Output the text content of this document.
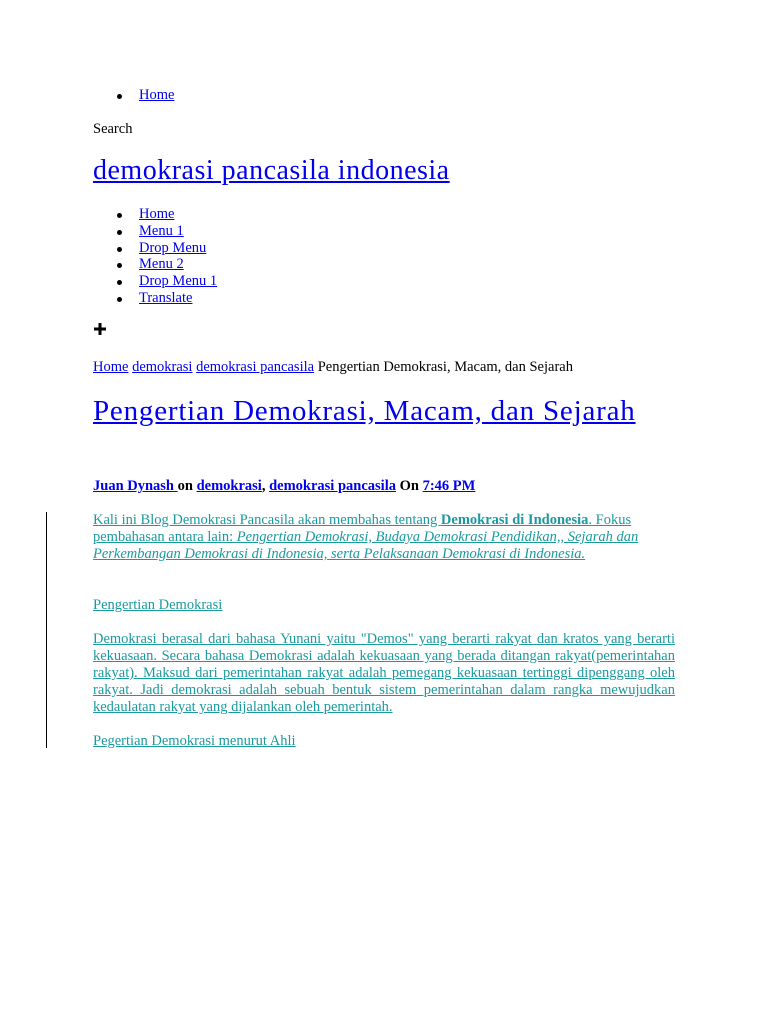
Home
Search
demokrasi pancasila indonesia
Home
Menu 1
Drop Menu
Menu 2
Drop Menu 1
Translate
Home demokrasi demokrasi pancasila Pengertian Demokrasi, Macam, dan Sejarah
Pengertian Demokrasi, Macam, dan Sejarah
Juan Dynash on demokrasi, demokrasi pancasila On 7:46 PM

Kali ini Blog Demokrasi Pancasila akan membahas tentang Demokrasi di Indonesia. Fokus pembahasan antara lain: Pengertian Demokrasi, Budaya Demokrasi Pendidikan,, Sejarah dan Perkembangan Demokrasi di Indonesia, serta Pelaksanaan Demokrasi di Indonesia.

Pengertian Demokrasi

Demokrasi berasal dari bahasa Yunani yaitu "Demos" yang berarti rakyat dan kratos yang berarti kekuasaan. Secara bahasa Demokrasi adalah kekuasaan yang berada ditangan rakyat(pemerintahan rakyat). Maksud dari pemerintahan rakyat adalah pemegang kekuasaan tertinggi dipenggang oleh rakyat. Jadi demokrasi adalah sebuah bentuk sistem pemerintahan dalam rangka mewujudkan kedaulatan rakyat yang dijalankan oleh pemerintah.

Pegertian Demokrasi menurut Ahli
